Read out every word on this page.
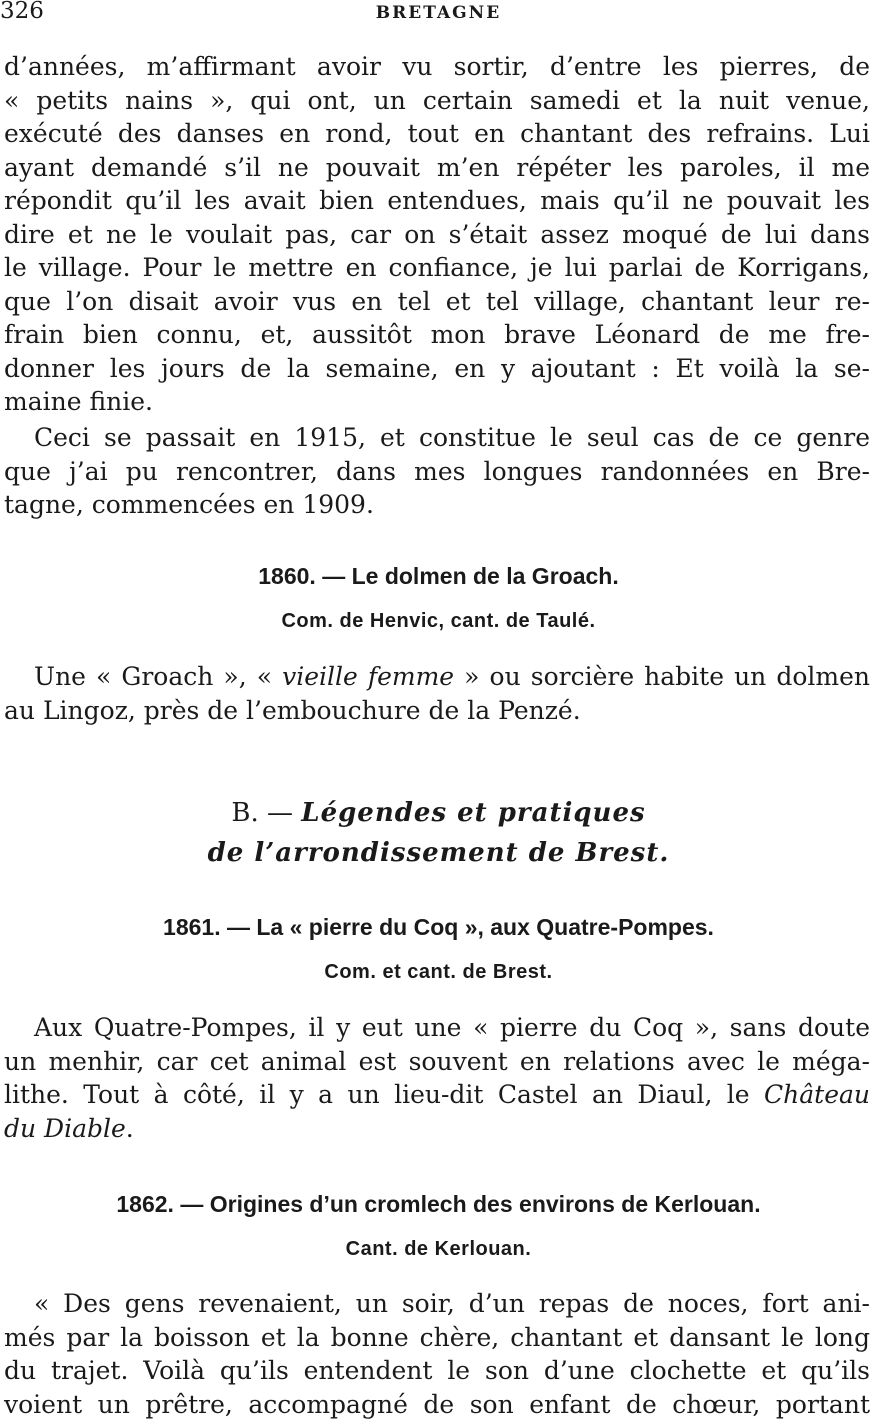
326	BRETAGNE

d’années, m’affirmant avoir vu sortir, d’entre les pierres, de
« petits nains », qui ont, un certain samedi et la nuit venue,
exécuté des danses en rond, tout en chantant des refrains. Lui
ayant demandé s’il ne pouvait m’en répéter les paroles, il me
répondit qu’il les avait bien entendues, mais qu’il ne pouvait les
dire et ne le voulait pas, car on s’était assez moqué de lui dans
le village. Pour le mettre en confiance, je lui parlai de Korrigans,
que l’on disait avoir vus en tel et tel village, chantant leur re-
frain bien connu, et, aussitôt mon brave Léonard de me fre-
donner les jours de la semaine, en y ajoutant : Et voilà la se-
maine finie.

Ceci se passait en 1915, et constitue le seul cas de ce genre
que j’ai pu rencontrer, dans mes longues randonnées en Bre-
tagne, commencées en 1909.

1860. — Le dolmen de la Groach.
Com. de Henvic, cant. de Taulé.

Une « Groach », « vieille femme » ou sorcière habite un dolmen
au Lingoz, près de l’embouchure de la Penzé.

B. — Légendes et pratiques
de l’arrondissement de Brest.
1861. — La « pierre du Coq », aux Quatre-Pompes.
Com. et cant. de Brest.

Aux Quatre-Pompes, il y eut une « pierre du Coq », sans doute
un menhir, car cet animal est souvent en relations avec le méga-
lithe. Tout à côté, il y a un lieu-dit Castel an Diaul, le Château
du Diable.

1862. — Origines d’un cromlech des environs de Kerlouan.
Cant. de Kerlouan.

« Des gens revenaient, un soir, d’un repas de noces, fort ani-
més par la boisson et la bonne chère, chantant et dansant le long
du trajet. Voilà qu’ils entendent le son d’une clochette et qu’ils
voient un prêtre, accompagné de son enfant de chœur, portant
